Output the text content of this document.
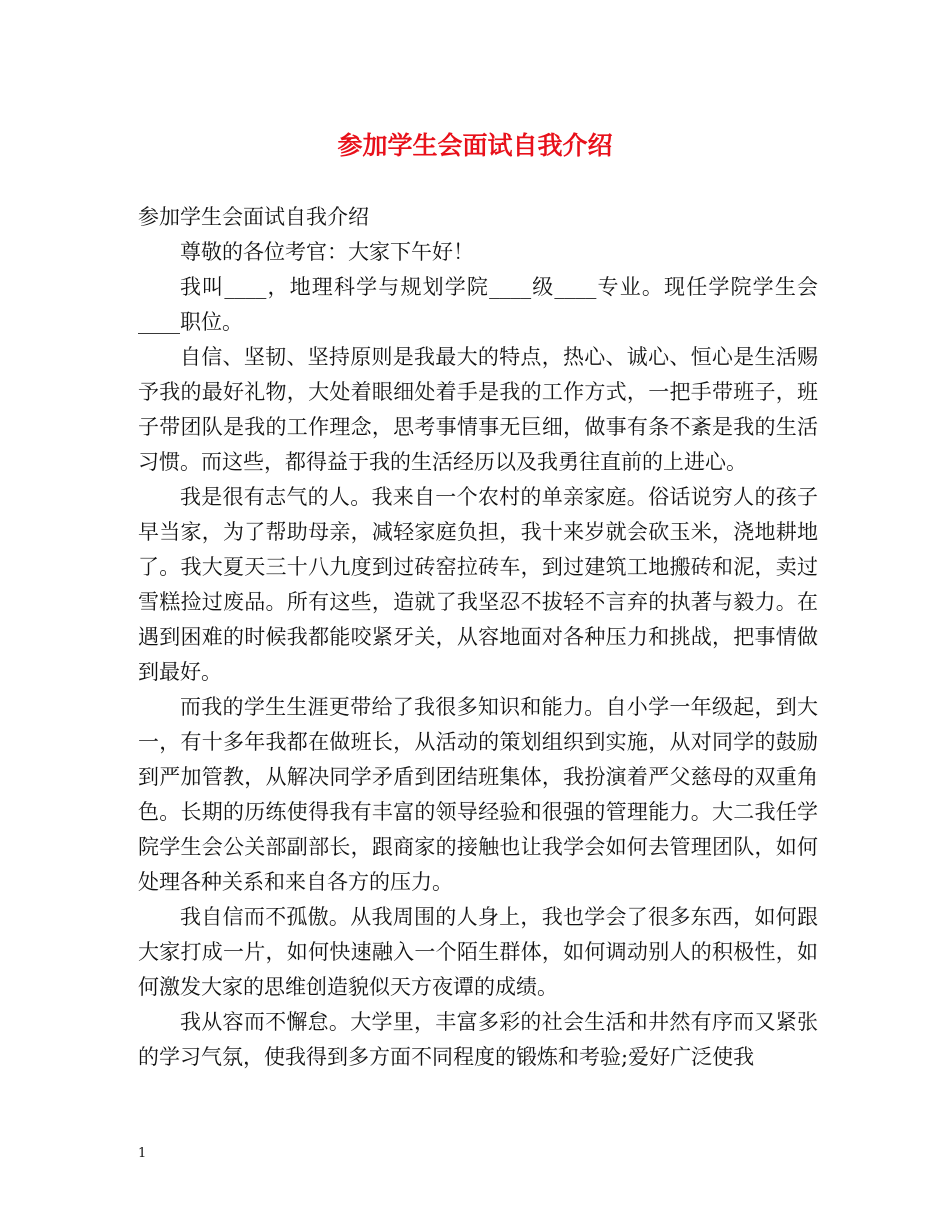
参加学生会面试自我介绍

参加学生会面试自我介绍

尊敬的各位考官：大家下午好！

我叫____，地理科学与规划学院____级____专业。现任学院学生会____职位。

自信、坚韧、坚持原则是我最大的特点，热心、诚心、恒心是生活赐予我的最好礼物，大处着眼细处着手是我的工作方式，一把手带班子，班子带团队是我的工作理念，思考事情事无巨细，做事有条不紊是我的生活习惯。而这些，都得益于我的生活经历以及我勇往直前的上进心。

我是很有志气的人。我来自一个农村的单亲家庭。俗话说穷人的孩子早当家，为了帮助母亲，减轻家庭负担，我十来岁就会砍玉米，浇地耕地了。我大夏天三十八九度到过砖窑拉砖车，到过建筑工地搬砖和泥，卖过雪糕捡过废品。所有这些，造就了我坚忍不拔轻不言弃的执著与毅力。在遇到困难的时候我都能咬紧牙关，从容地面对各种压力和挑战，把事情做到最好。

而我的学生生涯更带给了我很多知识和能力。自小学一年级起，到大一，有十多年我都在做班长，从活动的策划组织到实施，从对同学的鼓励到严加管教，从解决同学矛盾到团结班集体，我扮演着严父慈母的双重角色。长期的历练使得我有丰富的领导经验和很强的管理能力。大二我任学院学生会公关部副部长，跟商家的接触也让我学会如何去管理团队，如何处理各种关系和来自各方的压力。

我自信而不孤傲。从我周围的人身上，我也学会了很多东西，如何跟大家打成一片，如何快速融入一个陌生群体，如何调动别人的积极性，如何激发大家的思维创造貌似天方夜谭的成绩。

我从容而不懈怠。大学里，丰富多彩的社会生活和井然有序而又紧张的学习气氛，使我得到多方面不同程度的锻炼和考验;爱好广泛使我

1
